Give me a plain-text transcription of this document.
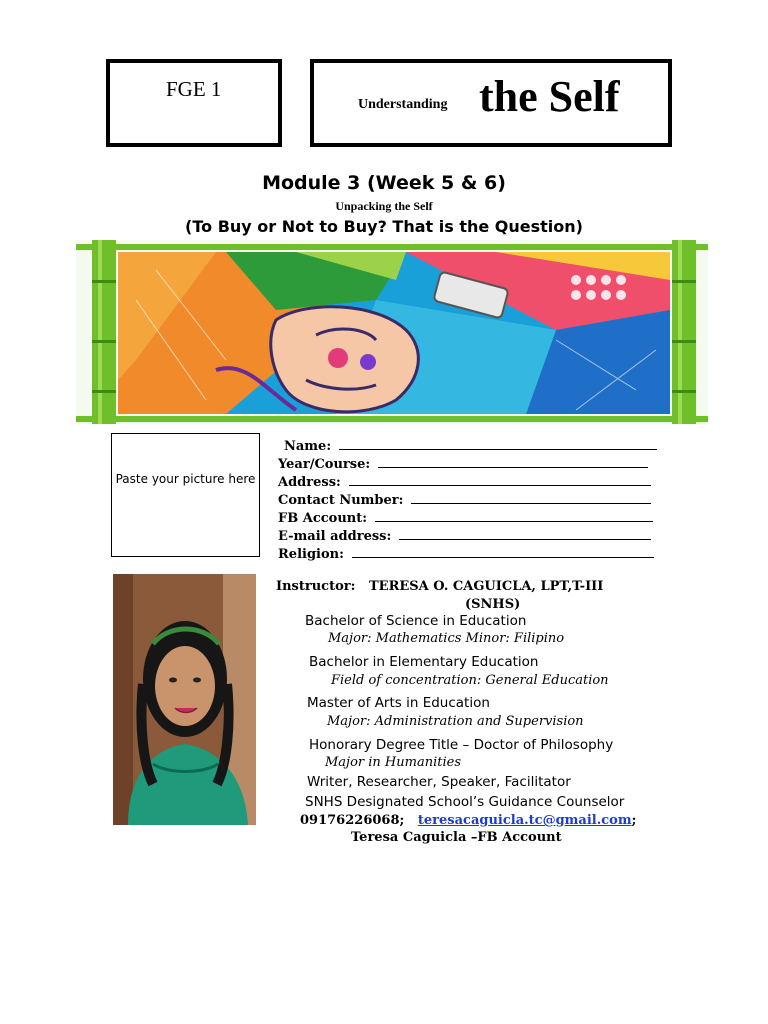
FGE 1
Understanding the Self
Module 3 (Week 5 & 6)
Unpacking the Self
(To Buy or Not to Buy? That is the Question)
Paste your picture here
Name:
Year/Course:
Address:
Contact Number:
FB Account:
E-mail address:
Religion:
Instructor: TERESA O. CAGUICLA, LPT,T-III
(SNHS)
Bachelor of Science in Education
Major: Mathematics Minor: Filipino
Bachelor in Elementary Education
Field of concentration: General Education
Master of Arts in Education
Major: Administration and Supervision
Honorary Degree Title – Doctor of Philosophy
Major in Humanities
Writer, Researcher, Speaker, Facilitator
SNHS Designated School’s Guidance Counselor
09176226068; teresacaguicla.tc@gmail.com;
Teresa Caguicla –FB Account
